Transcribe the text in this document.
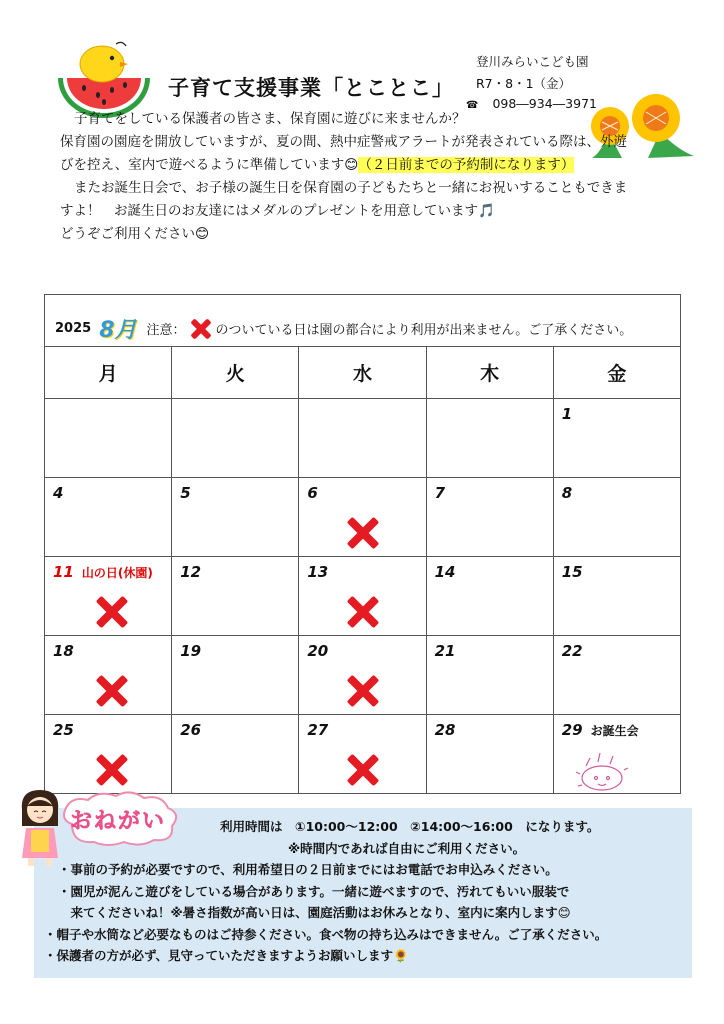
子育て支援事業「とことこ」
登川みらいこども園
R7・8・1（金）
☎ 098―934―3971

子育てをしている保護者の皆さま、保育園に遊びに来ませんか？

保育園の園庭を開放していますが、夏の間、熱中症警戒アラートが発表されている際は、外遊

びを控え、室内で遊べるように準備しています😊（２日前までの予約制になります）

またお誕生日会で、お子様の誕生日を保育園の子どもたちと一緒にお祝いすることもできま

すよ！　お誕生日のお友達にはメダルのプレゼントを用意しています🎵

どうぞご利用ください😊

2025 8月 注意： のついている日は園の都合により利用が出来ません。ご了承ください。				

月	火	水	木	金

				1

4	5	6	7	8

11 山の日(休園)	12	13	14	15

18	19	20	21	22

25	26	27	28	29 お誕生会
おねがい	利用時間は　①10:00～12:00　②14:00～16:00　になります。
※時間内であれば自由にご利用ください。
・事前の予約が必要ですので、利用希望日の２日前までにはお電話でお申込みください。
・園児が泥んこ遊びをしている場合があります。一緒に遊べますので、汚れてもいい服装で
　来てくださいね！※暑さ指数が高い日は、園庭活動はお休みとなり、室内に案内します😊
・帽子や水筒など必要なものはご持参ください。食べ物の持ち込みはできません。ご了承ください。
・保護者の方が必ず、見守っていただきますようお願いします🌻
